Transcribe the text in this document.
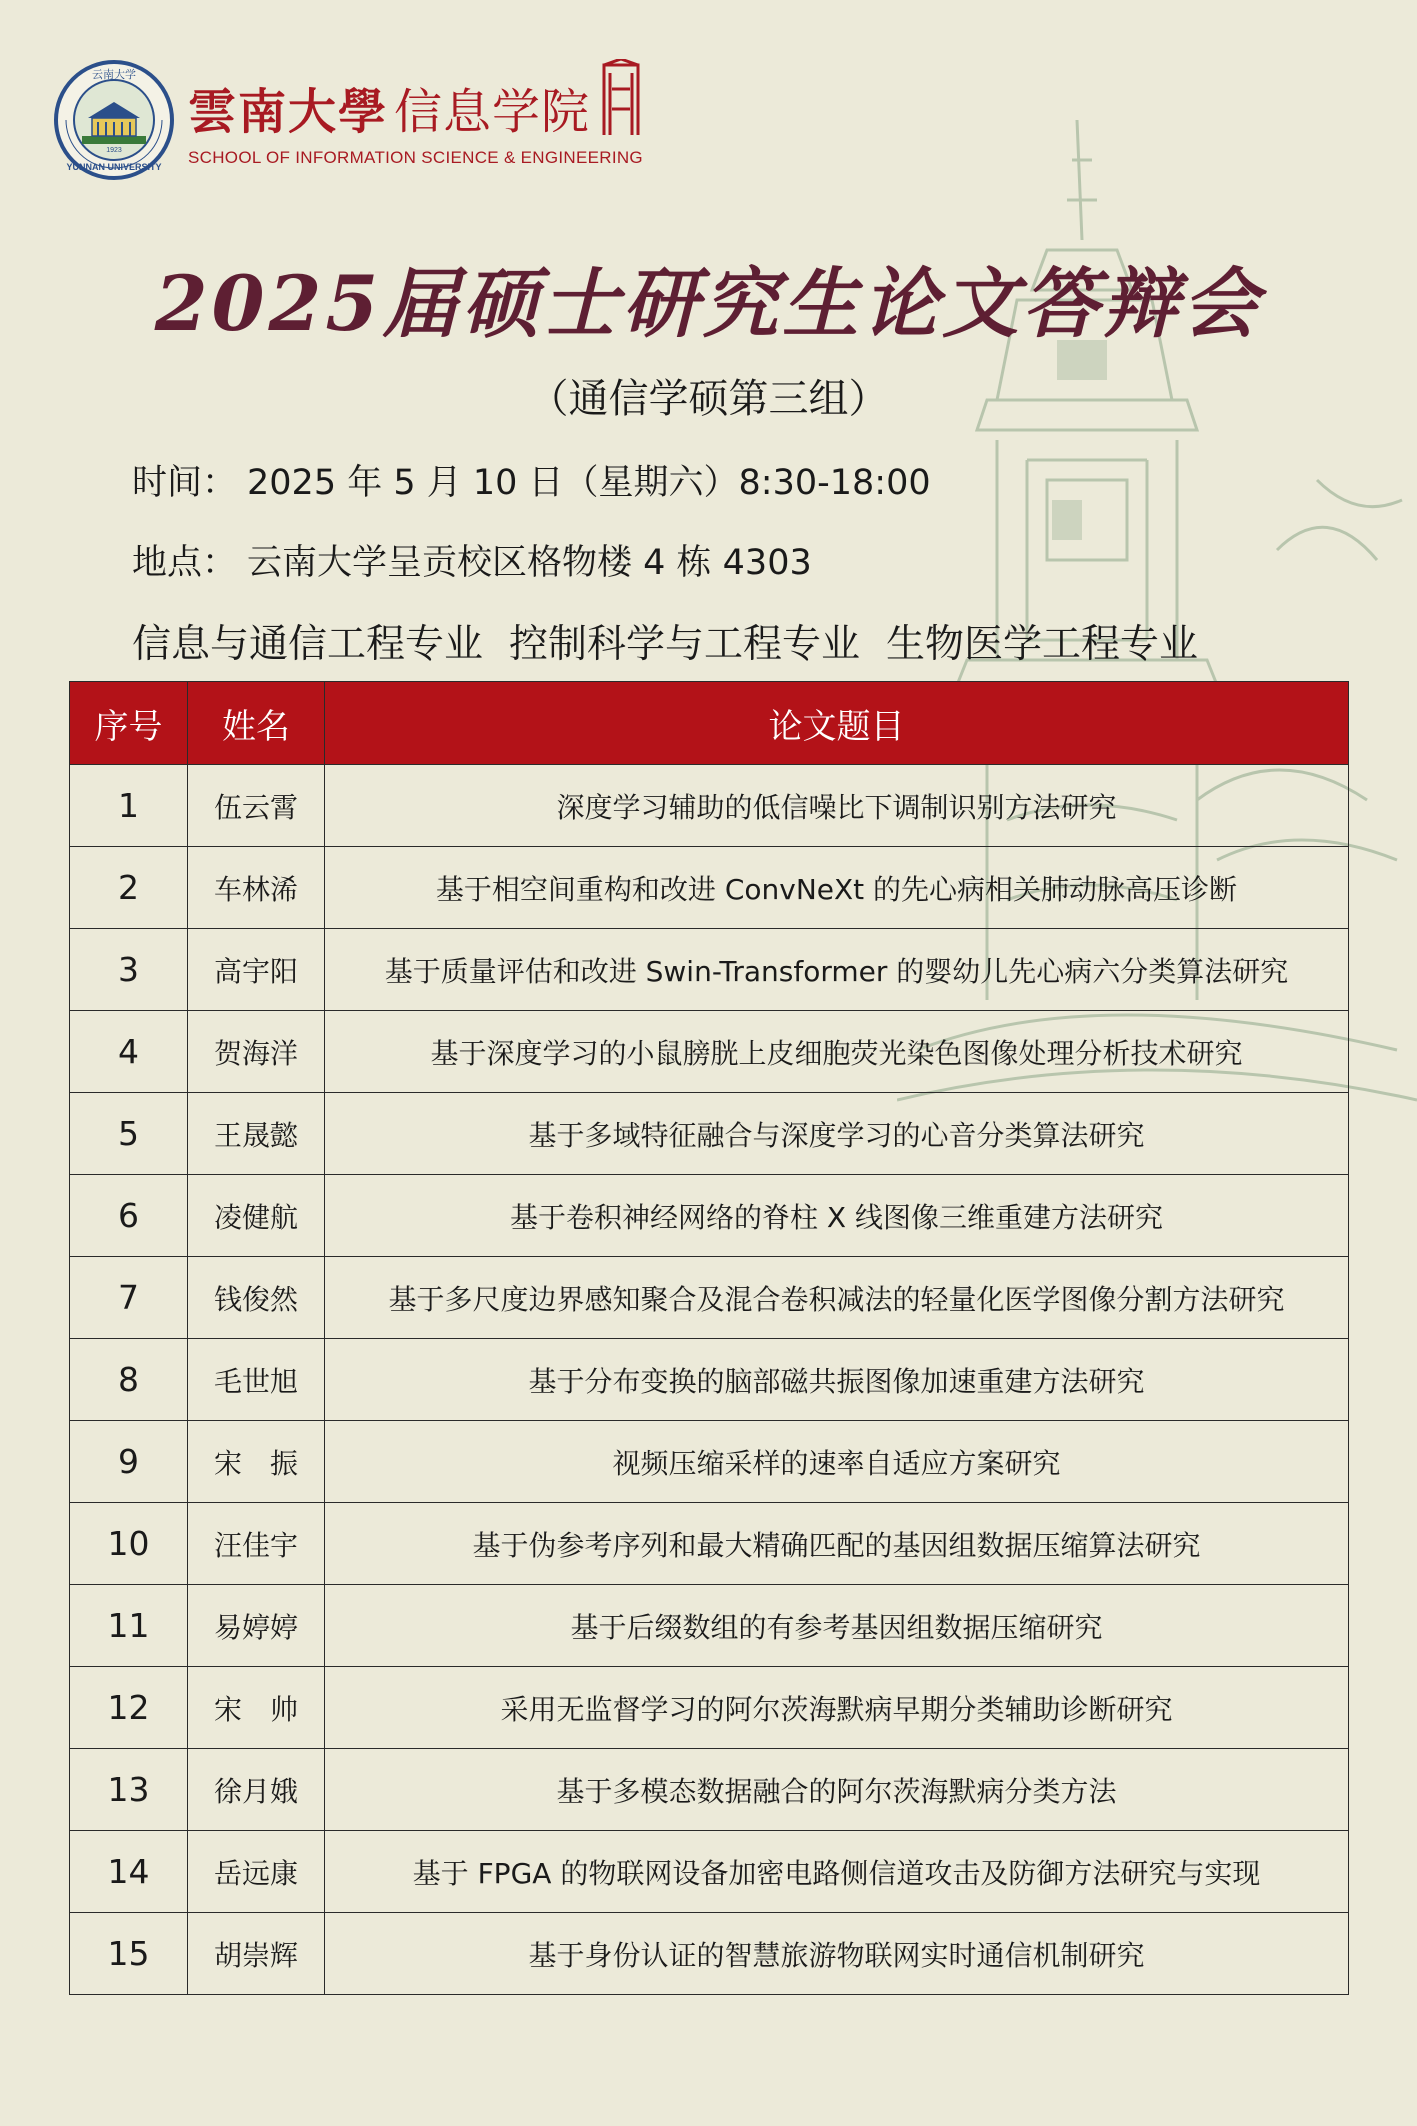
云南大学
YUNNAN UNIVERSITY
1923
雲南大學 信息学院
SCHOOL OF INFORMATION SCIENCE & ENGINEERING
2025届硕士研究生论文答辩会
（通信学硕第三组）
时间： 2025 年 5 月 10 日（星期六）8:30-18:00
地点： 云南大学呈贡校区格物楼 4 栋 4303
信息与通信工程专业 控制科学与工程专业 生物医学工程专业
序号	姓名	论文题目
1	伍云霄	深度学习辅助的低信噪比下调制识别方法研究
2	车林浠	基于相空间重构和改进 ConvNeXt 的先心病相关肺动脉高压诊断
3	高宇阳	基于质量评估和改进 Swin-Transformer 的婴幼儿先心病六分类算法研究
4	贺海洋	基于深度学习的小鼠膀胱上皮细胞荧光染色图像处理分析技术研究
5	王晟懿	基于多域特征融合与深度学习的心音分类算法研究
6	凌健航	基于卷积神经网络的脊柱 X 线图像三维重建方法研究
7	钱俊然	基于多尺度边界感知聚合及混合卷积减法的轻量化医学图像分割方法研究
8	毛世旭	基于分布变换的脑部磁共振图像加速重建方法研究
9	宋　振	视频压缩采样的速率自适应方案研究
10	汪佳宇	基于伪参考序列和最大精确匹配的基因组数据压缩算法研究
11	易婷婷	基于后缀数组的有参考基因组数据压缩研究
12	宋　帅	采用无监督学习的阿尔茨海默病早期分类辅助诊断研究
13	徐月娥	基于多模态数据融合的阿尔茨海默病分类方法
14	岳远康	基于 FPGA 的物联网设备加密电路侧信道攻击及防御方法研究与实现
15	胡崇辉	基于身份认证的智慧旅游物联网实时通信机制研究
